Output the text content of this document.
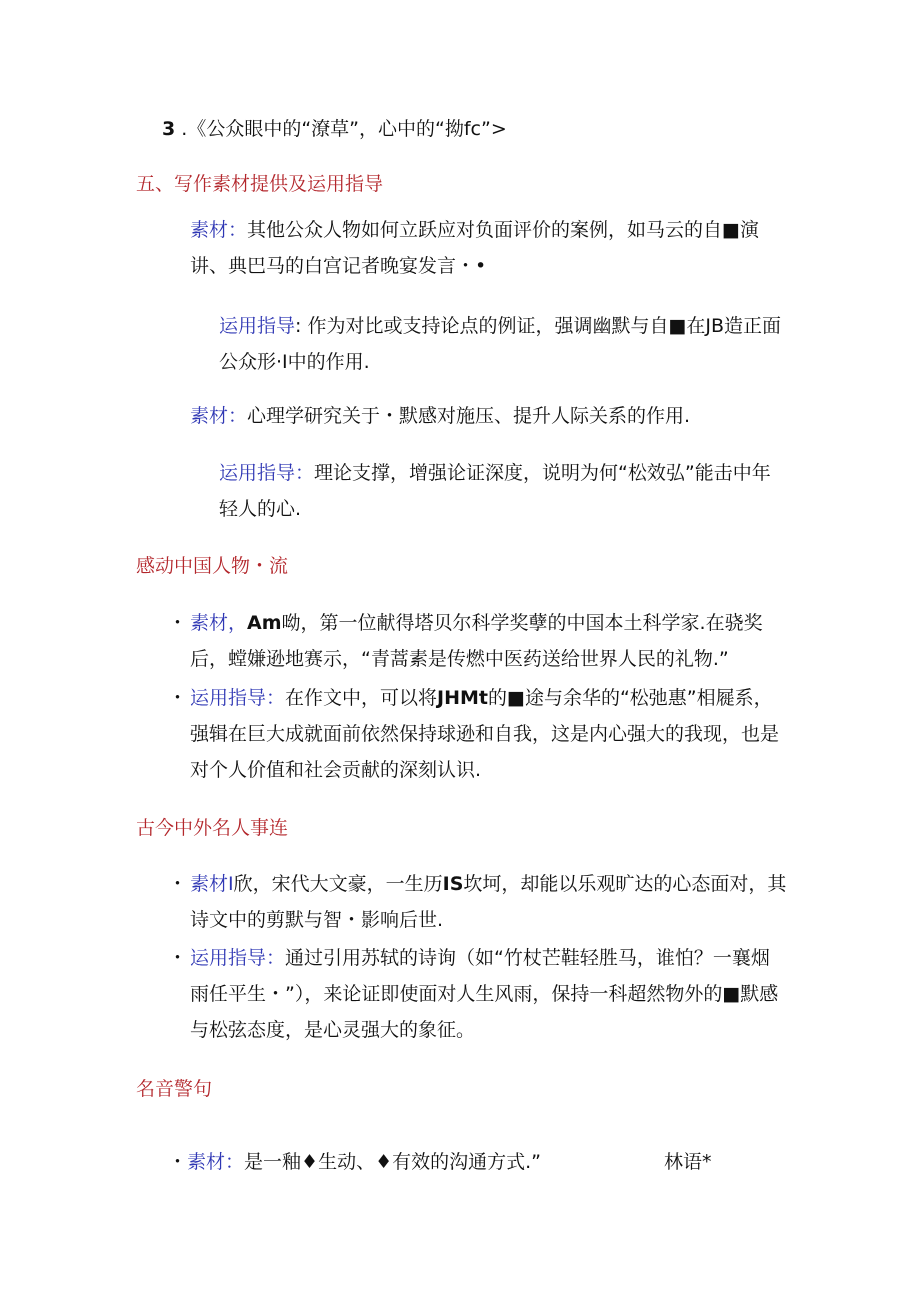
3 .《公众眼中的“潦草”，心中的“拗fc”>
五、写作素材提供及运用指导
素材：其他公众人物如何立跃应对负面评价的案例，如马云的自■演讲、典巴马的白宫记者晚宴发言・•
运用指导: 作为对比或支持论点的例证，强调幽默与自■在JB造正面公众形·I中的作用.
素材：心理学研究关于・默感对施压、提升人际关系的作用.
运用指导：理论支撑，增强论证深度，说明为何“松效弘”能击中年轻人的心.
感动中国人物・流
・ 素材，Am呦，第一位献得塔贝尔科学奖孽的中国本土科学家.在骁奖后，螳嫌逊地赛示，“青蒿素是传燃中医药送给世界人民的礼物.”
・ 运用指导：在作文中，可以将JHMt的■途与余华的“松弛惠”相屣系，强辑在巨大成就面前依然保持球逊和自我，这是内心强大的我现，也是对个人价值和社会贡献的深刻认识.
古今中外名人事连
・ 素材I欣，宋代大文豪，一生历IS坎坷，却能以乐观旷达的心态面对，其诗文中的剪默与智・影响后世.
・ 运用指导：通过引用苏轼的诗询（如“竹杖芒鞋轻胜马，谁怕？一襄烟雨任平生・”），来论证即使面对人生风雨，保持一科超然物外的■默感与松弦态度，是心灵强大的象征。
名音警句
・素材：是一釉♦生动、♦有效的沟通方式.”	林语*
